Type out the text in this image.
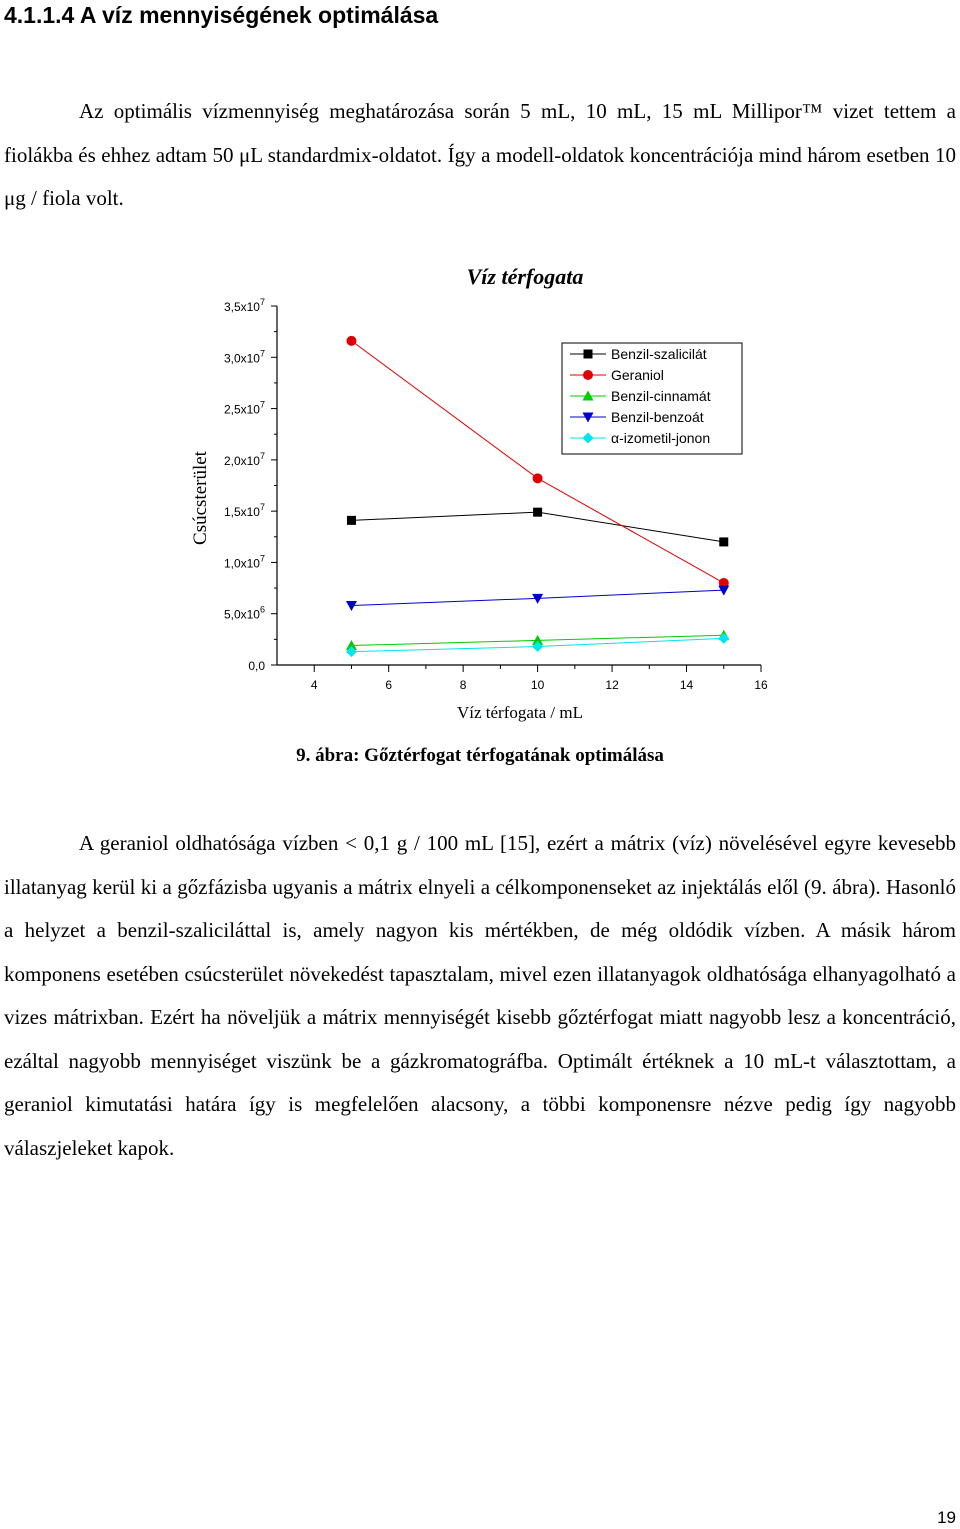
4.1.1.4 A víz mennyiségének optimálása

Az optimális vízmennyiség meghatározása során 5 mL, 10 mL, 15 mL Millipor™ vizet tettem a fiolákba és ehhez adtam 50 μL standardmix-oldatot. Így a modell-oldatok koncentrációja mind három esetben 10 μg / fiola volt.

0,0
$5,0x10^6$
$1,0x10^7$
$1,5x10^7$
$2,0x10^7$
$2,5x10^7$
$3,0x10^7$
$3,5x10^7$
4	6	8	10	12	14	16
Benzil-szalicilát
Geraniol
Benzil-cinnamát
Benzil-benzoát
α-izometil-jonon
Víz térfogata
Víz térfogata / mL
Csúcsterület

9. ábra: Gőztérfogat térfogatának optimálása

A geraniol oldhatósága vízben < 0,1 g / 100 mL [15], ezért a mátrix (víz) növelésével egyre kevesebb illatanyag kerül ki a gőzfázisba ugyanis a mátrix elnyeli a célkomponenseket az injektálás elől (9. ábra). Hasonló a helyzet a benzil-szaliciláttal is, amely nagyon kis mértékben, de még oldódik vízben. A másik három komponens esetében csúcsterület növekedést tapasztalam, mivel ezen illatanyagok oldhatósága elhanyagolható a vizes mátrixban. Ezért ha növeljük a mátrix mennyiségét kisebb gőztérfogat miatt nagyobb lesz a koncentráció, ezáltal nagyobb mennyiséget viszünk be a gázkromatográfba. Optimált értéknek a 10 mL-t választottam, a geraniol kimutatási határa így is megfelelően alacsony, a többi komponensre nézve pedig így nagyobb válaszjeleket kapok.

19
